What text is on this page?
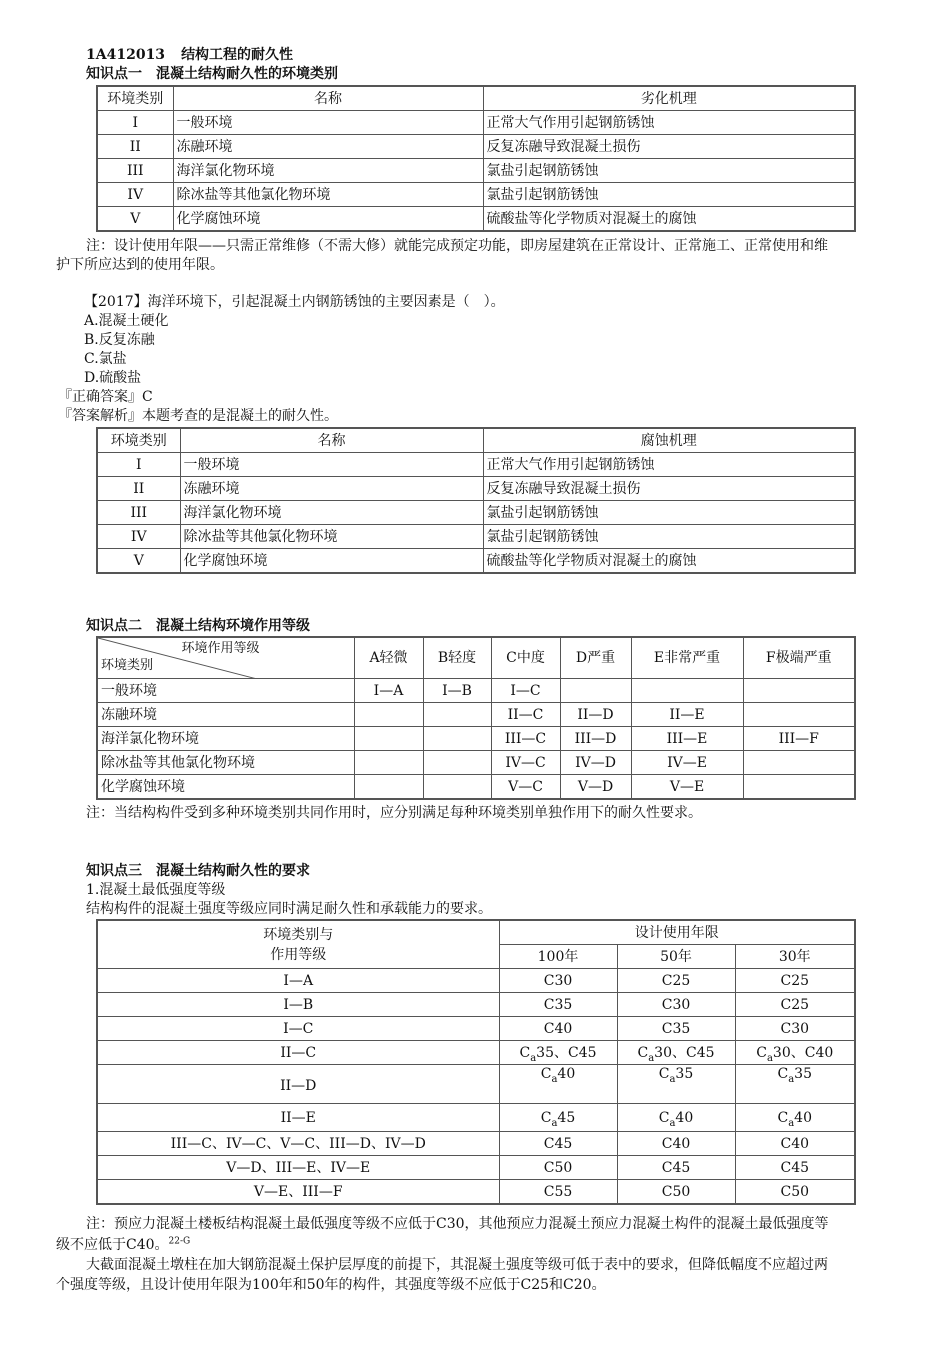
1A412013 结构工程的耐久性
知识点一　混凝土结构耐久性的环境类别
环境类别	名称	劣化机理
I	一般环境	正常大气作用引起钢筋锈蚀
II	冻融环境	反复冻融导致混凝土损伤
III	海洋氯化物环境	氯盐引起钢筋锈蚀
IV	除冰盐等其他氯化物环境	氯盐引起钢筋锈蚀
V	化学腐蚀环境	硫酸盐等化学物质对混凝土的腐蚀
注：设计使用年限——只需正常维修（不需大修）就能完成预定功能，即房屋建筑在正常设计、正常施工、正常使用和维
护下所应达到的使用年限。
【2017】海洋环境下，引起混凝土内钢筋锈蚀的主要因素是（　）。
A.混凝土硬化
B.反复冻融
C.氯盐
D.硫酸盐
『正确答案』C
『答案解析』本题考查的是混凝土的耐久性。
环境类别	名称	腐蚀机理
I	一般环境	正常大气作用引起钢筋锈蚀
II	冻融环境	反复冻融导致混凝土损伤
III	海洋氯化物环境	氯盐引起钢筋锈蚀
IV	除冰盐等其他氯化物环境	氯盐引起钢筋锈蚀
V	化学腐蚀环境	硫酸盐等化学物质对混凝土的腐蚀
知识点二　混凝土结构环境作用等级
环境作用等级
环境类别	A轻微	B轻度	C中度	D严重	E非常严重	F极端严重
一般环境	I—A	I—B	I—C			
冻融环境			II—C	II—D	II—E	
海洋氯化物环境			III—C	III—D	III—E	III—F
除冰盐等其他氯化物环境			IV—C	IV—D	IV—E	
化学腐蚀环境			V—C	V—D	V—E	
注：当结构构件受到多种环境类别共同作用时，应分别满足每种环境类别单独作用下的耐久性要求。
知识点三　混凝土结构耐久性的要求
1.混凝土最低强度等级
结构构件的混凝土强度等级应同时满足耐久性和承载能力的要求。
环境类别与
作用等级	设计使用年限		
	100年	50年	30年
I—A	C30	C25	C25
I—B	C35	C30	C25
I—C	C40	C35	C30
II—C	$C_a35$、C45	$C_a30$、C45	$C_a30$、C40
II—D	$C_a40$	$C_a35$	$C_a35$
II—E	$C_a45$	$C_a40$	$C_a40$
III—C、IV—C、V—C、III—D、IV—D	C45	C40	C40
V—D、III—E、IV—E	C50	C45	C45
V—E、III—F	C55	C50	C50
注：预应力混凝土楼板结构混凝土最低强度等级不应低于C30，其他预应力混凝土预应力混凝土构件的混凝土最低强度等
级不应低于C40。$^{22-G}$
大截面混凝土墩柱在加大钢筋混凝土保护层厚度的前提下，其混凝土强度等级可低于表中的要求，但降低幅度不应超过两
个强度等级，且设计使用年限为100年和50年的构件，其强度等级不应低于C25和C20。
